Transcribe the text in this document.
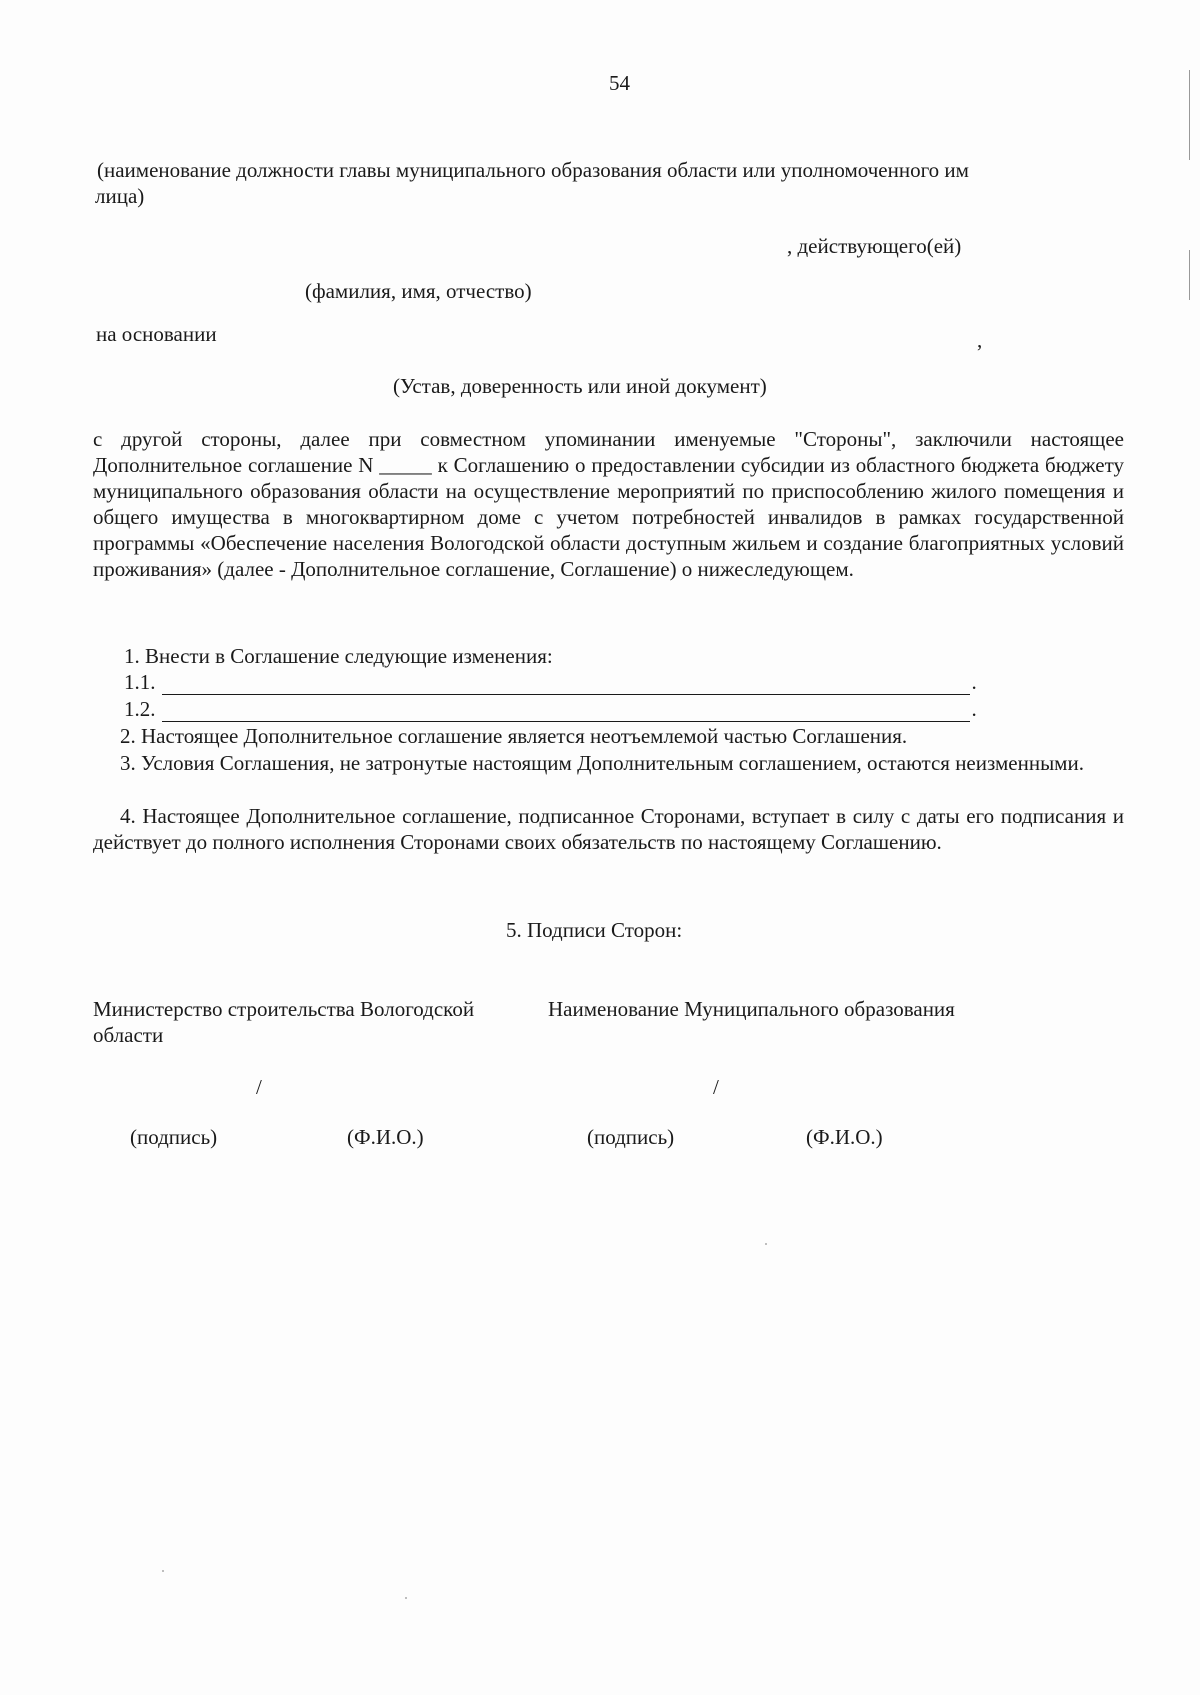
54
(наименование должности главы муниципального образования области или уполномоченного им
лица)
, действующего(ей)
(фамилия, имя, отчество)
на основании	,
(Устав, доверенность или иной документ)
с другой стороны, далее при совместном упоминании именуемые "Стороны", заключили настоящее Дополнительное соглашение N _____ к Соглашению о предоставлении субсидии из областного бюджета бюджету муниципального образования области на осуществление мероприятий по приспособлению жилого помещения и общего имущества в многоквартирном доме с учетом потребностей инвалидов в рамках государственной программы «Обеспечение населения Вологодской области доступным жильем и создание благоприятных условий проживания» (далее - Дополнительное соглашение, Соглашение) о нижеследующем.
1. Внести в Соглашение следующие изменения:
1.1.	.
1.2.	.
2. Настоящее Дополнительное соглашение является неотъемлемой частью Соглашения.
3. Условия Соглашения, не затронутые настоящим Дополнительным соглашением, остаются неизменными.
4. Настоящее Дополнительное соглашение, подписанное Сторонами, вступает в силу с даты его подписания и действует до полного исполнения Сторонами своих обязательств по настоящему Соглашению.
5. Подписи Сторон:
Министерство строительства Вологодской
области
Наименование Муниципального образования
/	/
(подпись)	(Ф.И.О.)	(подпись)	(Ф.И.О.)
